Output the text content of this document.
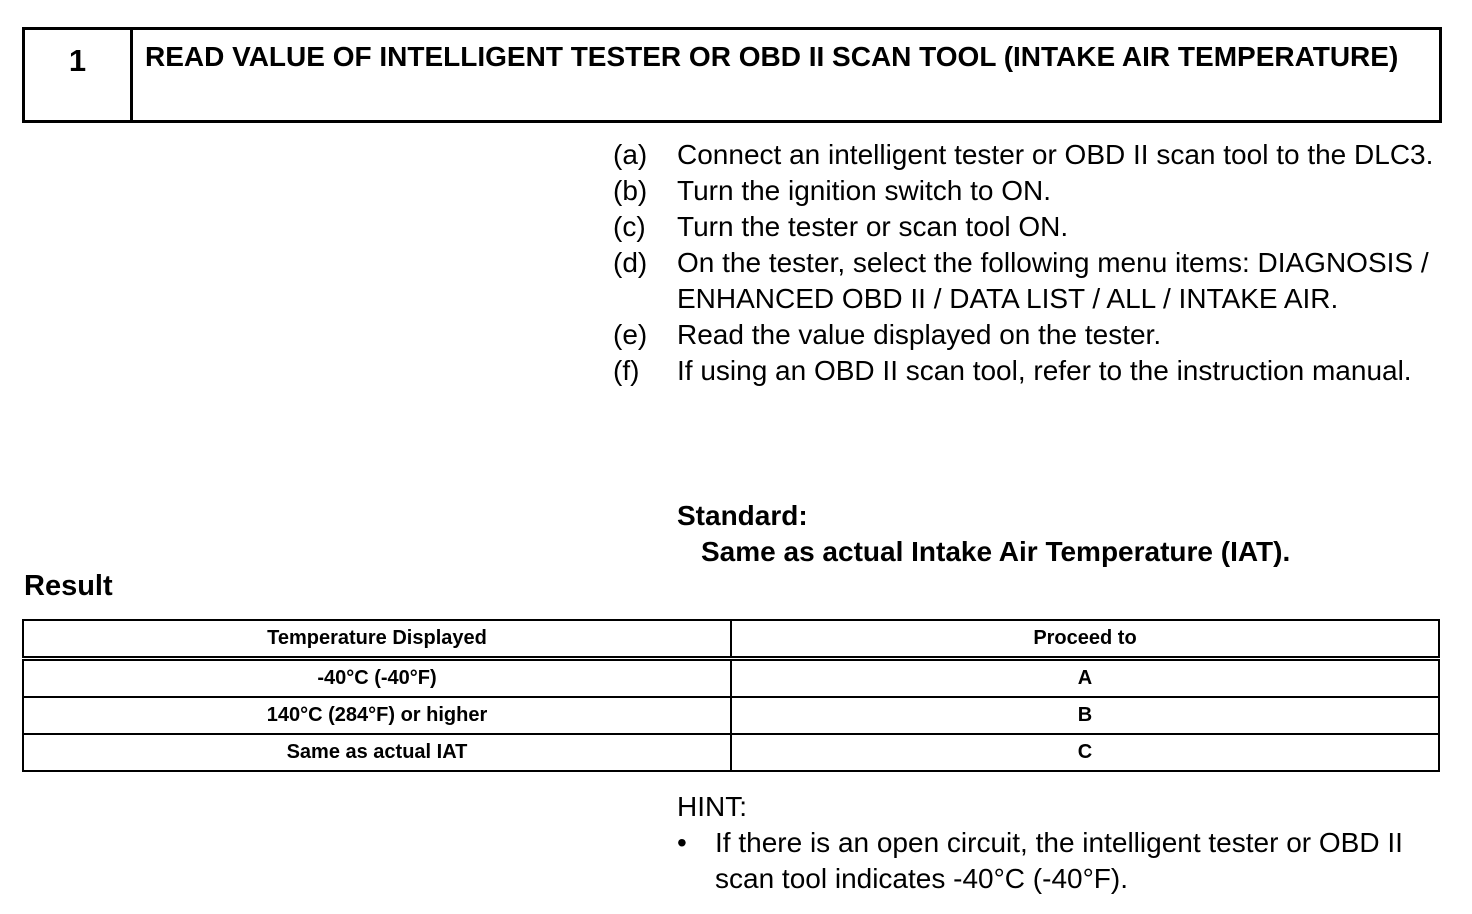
1	READ VALUE OF INTELLIGENT TESTER OR OBD II SCAN TOOL (INTAKE AIR TEMPERATURE)
(a)	Connect an intelligent tester or OBD II scan tool to the DLC3.
(b)	Turn the ignition switch to ON.
(c)	Turn the tester or scan tool ON.
(d)	On the tester, select the following menu items: DIAGNOSIS / ENHANCED OBD II / DATA LIST / ALL / INTAKE AIR.
(e)	Read the value displayed on the tester.
(f)	If using an OBD II scan tool, refer to the instruction manual.
Standard:
Same as actual Intake Air Temperature (IAT).
Result
Temperature Displayed	Proceed to
-40°C (-40°F)	A
140°C (284°F) or higher	B
Same as actual IAT	C
HINT:
•	If there is an open circuit, the intelligent tester or OBD II scan tool indicates -40°C (-40°F).
